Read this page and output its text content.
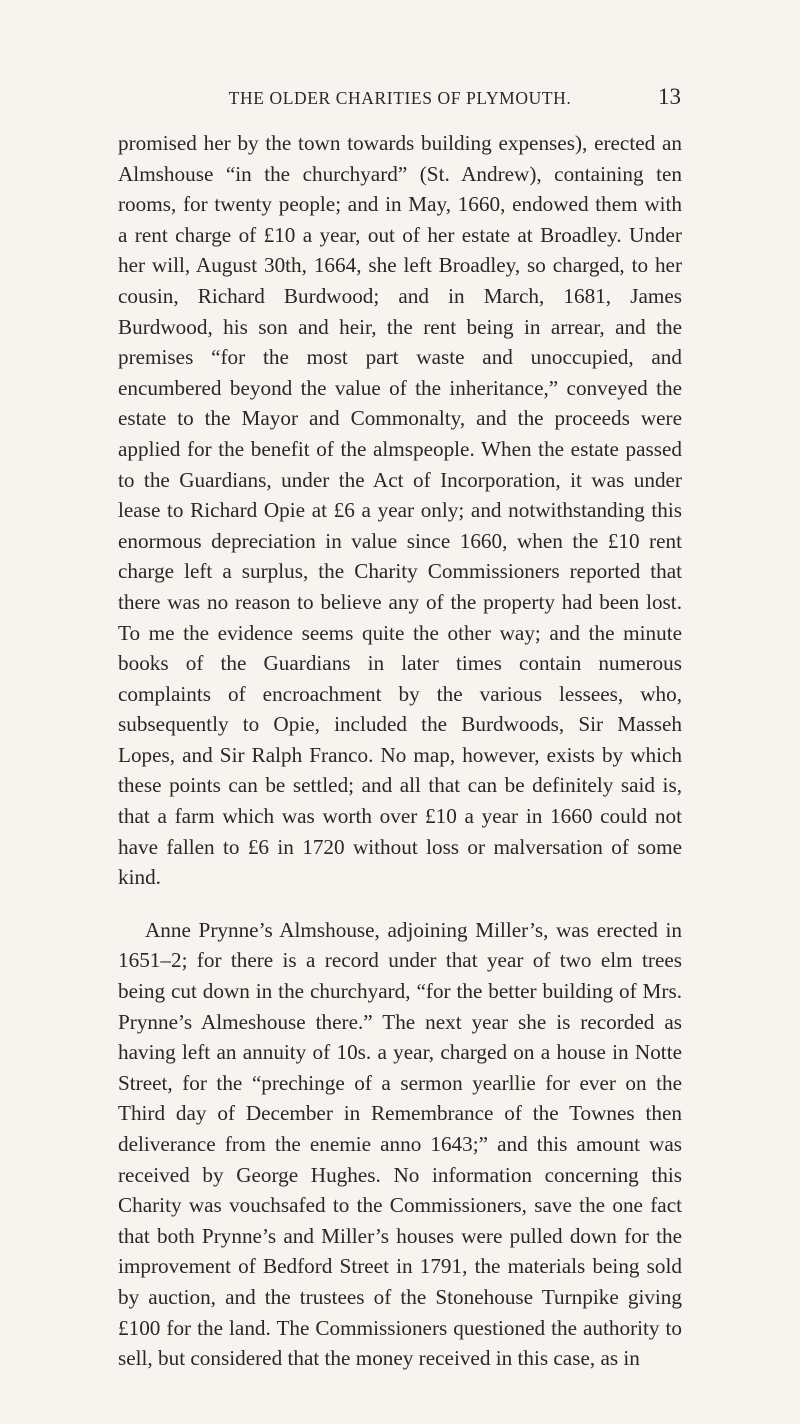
THE OLDER CHARITIES OF PLYMOUTH.	13

promised her by the town towards building expenses), erected an Almshouse “in the churchyard” (St. Andrew), containing ten rooms, for twenty people; and in May, 1660, endowed them with a rent charge of £10 a year, out of her estate at Broadley. Under her will, August 30th, 1664, she left Broadley, so charged, to her cousin, Richard Burdwood; and in March, 1681, James Burdwood, his son and heir, the rent being in arrear, and the premises “for the most part waste and unoccupied, and encumbered beyond the value of the inheritance,” conveyed the estate to the Mayor and Commonalty, and the proceeds were applied for the benefit of the almspeople. When the estate passed to the Guardians, under the Act of Incorporation, it was under lease to Richard Opie at £6 a year only; and notwithstanding this enormous depreciation in value since 1660, when the £10 rent charge left a surplus, the Charity Commissioners reported that there was no reason to believe any of the property had been lost. To me the evidence seems quite the other way; and the minute books of the Guardians in later times contain numerous complaints of encroachment by the various lessees, who, subsequently to Opie, included the Burdwoods, Sir Masseh Lopes, and Sir Ralph Franco. No map, however, exists by which these points can be settled; and all that can be definitely said is, that a farm which was worth over £10 a year in 1660 could not have fallen to £6 in 1720 without loss or malversation of some kind.

Anne Prynne’s Almshouse, adjoining Miller’s, was erected in 1651–2; for there is a record under that year of two elm trees being cut down in the churchyard, “for the better building of Mrs. Prynne’s Almeshouse there.” The next year she is recorded as having left an annuity of 10s. a year, charged on a house in Notte Street, for the “prechinge of a sermon yearllie for ever on the Third day of December in Remembrance of the Townes then deliverance from the enemie anno 1643;” and this amount was received by George Hughes. No information concerning this Charity was vouchsafed to the Commissioners, save the one fact that both Prynne’s and Miller’s houses were pulled down for the improvement of Bedford Street in 1791, the materials being sold by auction, and the trustees of the Stonehouse Turnpike giving £100 for the land. The Commissioners questioned the authority to sell, but considered that the money received in this case, as in
